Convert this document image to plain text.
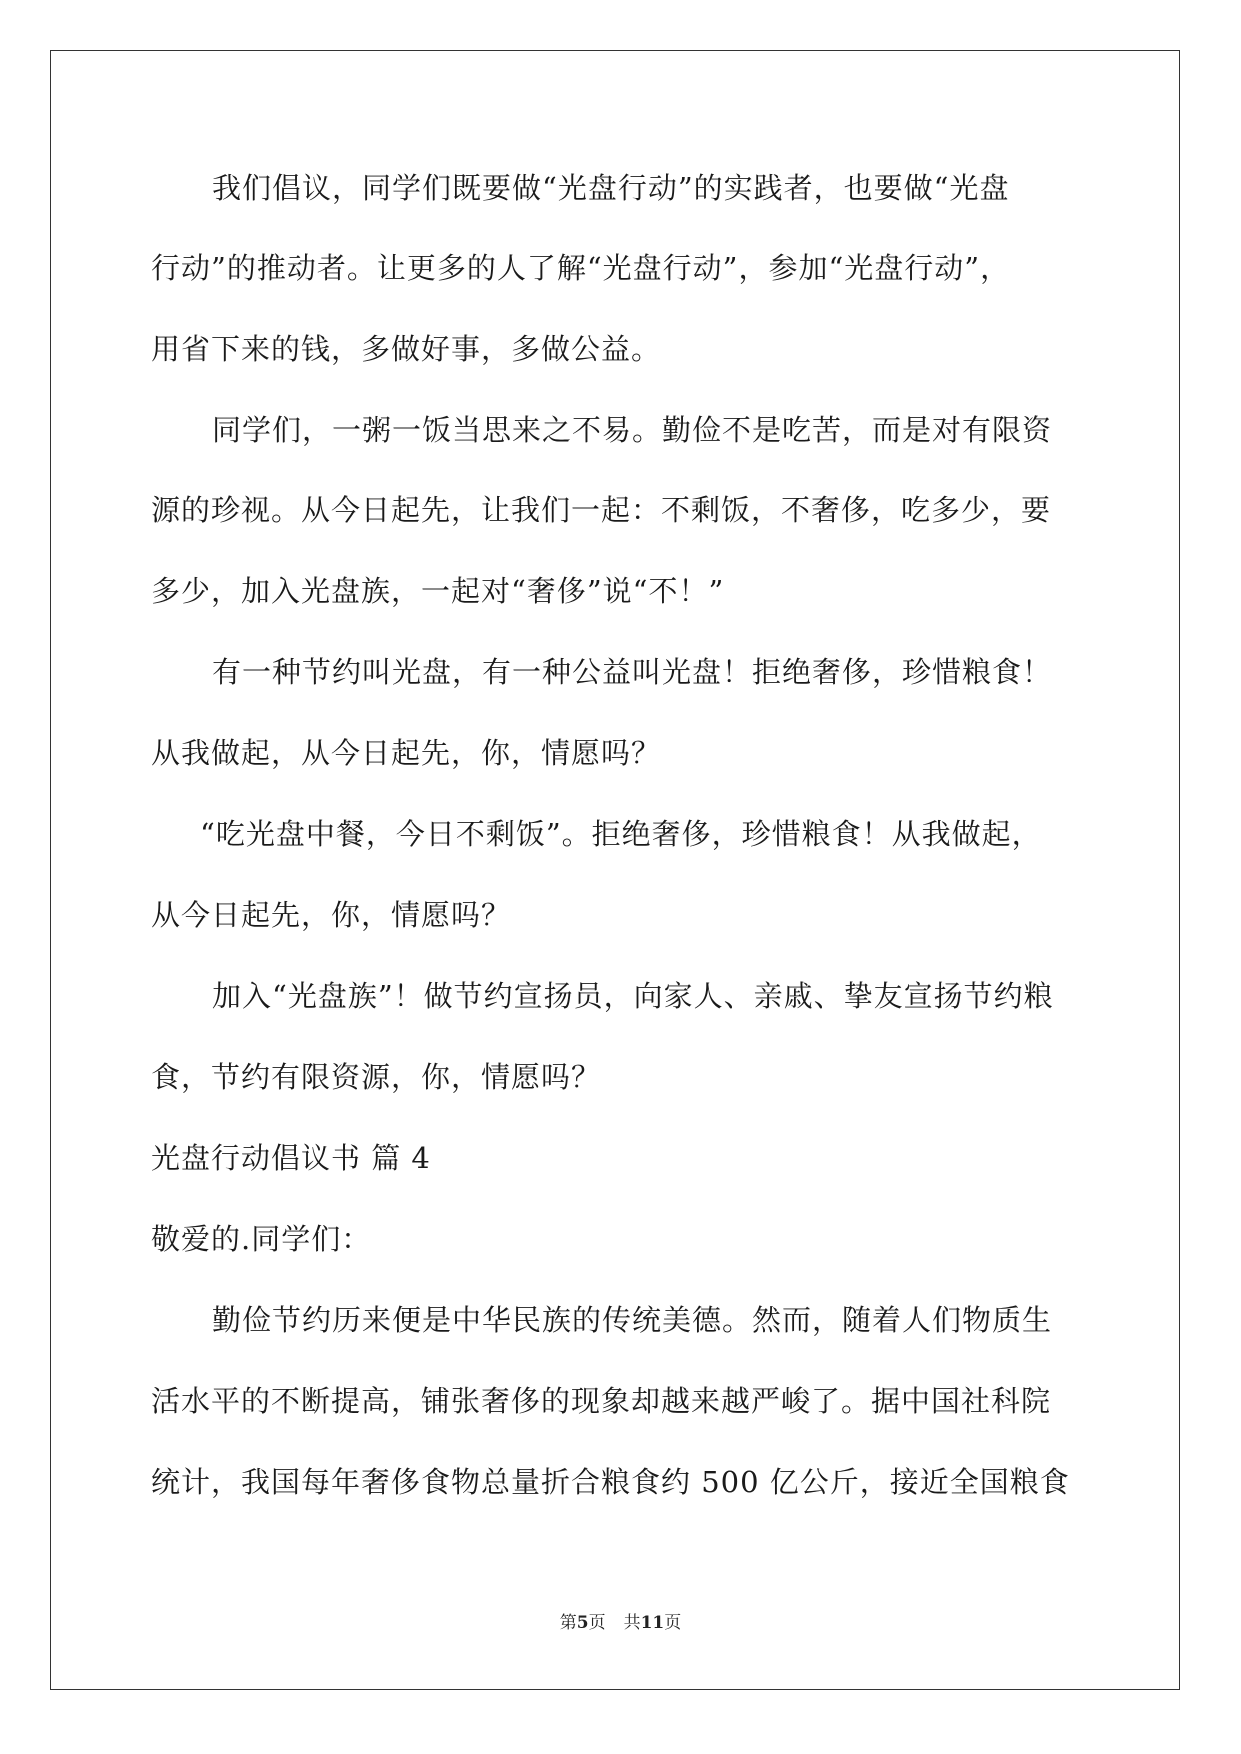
我们倡议，同学们既要做“光盘行动”的实践者，也要做“光盘
行动”的推动者。让更多的人了解“光盘行动”，参加“光盘行动”，
用省下来的钱，多做好事，多做公益。
同学们，一粥一饭当思来之不易。勤俭不是吃苦，而是对有限资
源的珍视。从今日起先，让我们一起：不剩饭，不奢侈，吃多少，要
多少，加入光盘族，一起对“奢侈”说“不！”
有一种节约叫光盘，有一种公益叫光盘！拒绝奢侈，珍惜粮食！
从我做起，从今日起先，你，情愿吗？
“吃光盘中餐，今日不剩饭”。拒绝奢侈，珍惜粮食！从我做起，
从今日起先，你，情愿吗？
加入“光盘族”！做节约宣扬员，向家人、亲戚、挚友宣扬节约粮
食，节约有限资源，你，情愿吗？
光盘行动倡议书 篇 4
敬爱的.同学们：
勤俭节约历来便是中华民族的传统美德。然而，随着人们物质生
活水平的不断提高，铺张奢侈的现象却越来越严峻了。据中国社科院
统计，我国每年奢侈食物总量折合粮食约 500 亿公斤，接近全国粮食
第5页 共11页
